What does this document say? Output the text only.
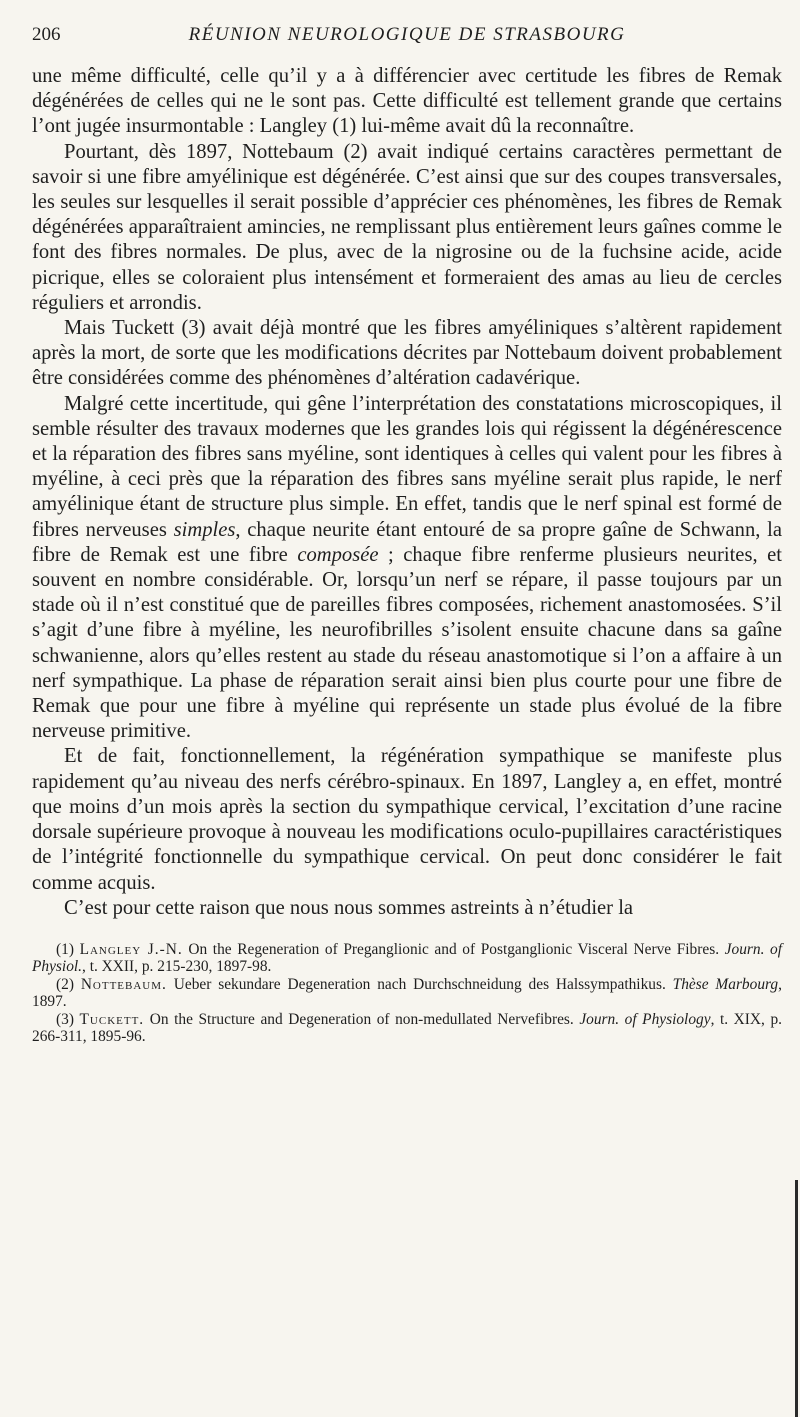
206	RÉUNION NEUROLOGIQUE DE STRASBOURG

une même difficulté, celle qu’il y a à différencier avec certitude les fibres de Remak dégénérées de celles qui ne le sont pas. Cette difficulté est tellement grande que certains l’ont jugée insurmontable : Langley (1) lui-même avait dû la reconnaître.

Pourtant, dès 1897, Nottebaum (2) avait indiqué certains caractères permettant de savoir si une fibre amyélinique est dégénérée. C’est ainsi que sur des coupes transversales, les seules sur lesquelles il serait possible d’apprécier ces phénomènes, les fibres de Remak dégénérées apparaîtraient amincies, ne remplissant plus entièrement leurs gaînes comme le font des fibres normales. De plus, avec de la nigrosine ou de la fuchsine acide, acide picrique, elles se coloraient plus intensément et formeraient des amas au lieu de cercles réguliers et arrondis.

Mais Tuckett (3) avait déjà montré que les fibres amyéliniques s’altèrent rapidement après la mort, de sorte que les modifications décrites par Nottebaum doivent probablement être considérées comme des phénomènes d’altération cadavérique.

Malgré cette incertitude, qui gêne l’interprétation des constatations microscopiques, il semble résulter des travaux modernes que les grandes lois qui régissent la dégénérescence et la réparation des fibres sans myéline, sont identiques à celles qui valent pour les fibres à myéline, à ceci près que la réparation des fibres sans myéline serait plus rapide, le nerf amyélinique étant de structure plus simple. En effet, tandis que le nerf spinal est formé de fibres nerveuses simples, chaque neurite étant entouré de sa propre gaîne de Schwann, la fibre de Remak est une fibre composée ; chaque fibre renferme plusieurs neurites, et souvent en nombre considérable. Or, lorsqu’un nerf se répare, il passe toujours par un stade où il n’est constitué que de pareilles fibres composées, richement anastomosées. S’il s’agit d’une fibre à myéline, les neurofibrilles s’isolent ensuite chacune dans sa gaîne schwanienne, alors qu’elles restent au stade du réseau anastomotique si l’on a affaire à un nerf sympathique. La phase de réparation serait ainsi bien plus courte pour une fibre de Remak que pour une fibre à myéline qui représente un stade plus évolué de la fibre nerveuse primitive.

Et de fait, fonctionnellement, la régénération sympathique se manifeste plus rapidement qu’au niveau des nerfs cérébro-spinaux. En 1897, Langley a, en effet, montré que moins d’un mois après la section du sympathique cervical, l’excitation d’une racine dorsale supérieure provoque à nouveau les modifications oculo-pupillaires caractéristiques de l’intégrité fonctionnelle du sympathique cervical. On peut donc considérer le fait comme acquis.

C’est pour cette raison que nous nous sommes astreints à n’étudier la

(1) Langley J.-N. On the Regeneration of Preganglionic and of Postganglionic Visceral Nerve Fibres. Journ. of Physiol., t. XXII, p. 215-230, 1897-98.

(2) Nottebaum. Ueber sekundare Degeneration nach Durchschneidung des Halssympathikus. Thèse Marbourg, 1897.

(3) Tuckett. On the Structure and Degeneration of non-medullated Nervefibres. Journ. of Physiology, t. XIX, p. 266-311, 1895-96.
